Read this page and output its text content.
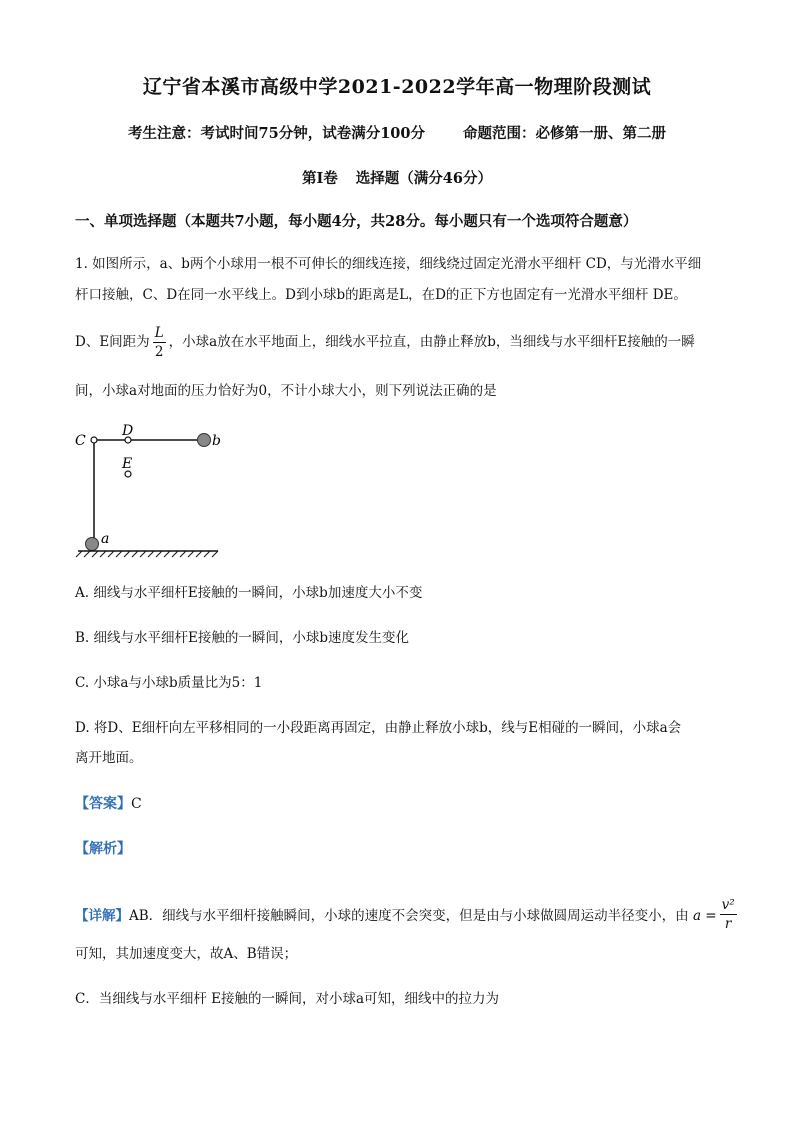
辽宁省本溪市高级中学2021-2022学年高一物理阶段测试
考生注意：考试时间75分钟，试卷满分100分	命题范围：必修第一册、第二册
第Ⅰ卷 选择题（满分46分）
一、单项选择题（本题共7小题，每小题4分，共28分。每小题只有一个选项符合题意）
1. 如图所示，a、b两个小球用一根不可伸长的细线连接，细线绕过固定光滑水平细杆 CD，与光滑水平细
杆口接触，C、D在同一水平线上。D到小球b的距离是L，在D的正下方也固定有一光滑水平细杆 DE。
D、E间距为 $\frac{L}{2}$ ，小球a放在水平地面上，细线水平拉直，由静止释放b，当细线与水平细杆E接触的一瞬
间，小球a对地面的压力恰好为0，不计小球大小，则下列说法正确的是
C
D
E
b
a
A. 细线与水平细杆E接触的一瞬间，小球b加速度大小不变
B. 细线与水平细杆E接触的一瞬间，小球b速度发生变化
C. 小球a与小球b质量比为5：1
D. 将D、E细杆向左平移相同的一小段距离再固定，由静止释放小球b，线与E相碰的一瞬间，小球a会
离开地面。
【答案】C
【解析】
【详解】AB．细线与水平细杆接触瞬间，小球的速度不会突变，但是由与小球做圆周运动半径变小，由 $a = \frac{\text{v²}}{r}$
可知，其加速度变大，故A、B错误；
C．当细线与水平细杆 E接触的一瞬间，对小球a可知，细线中的拉力为
